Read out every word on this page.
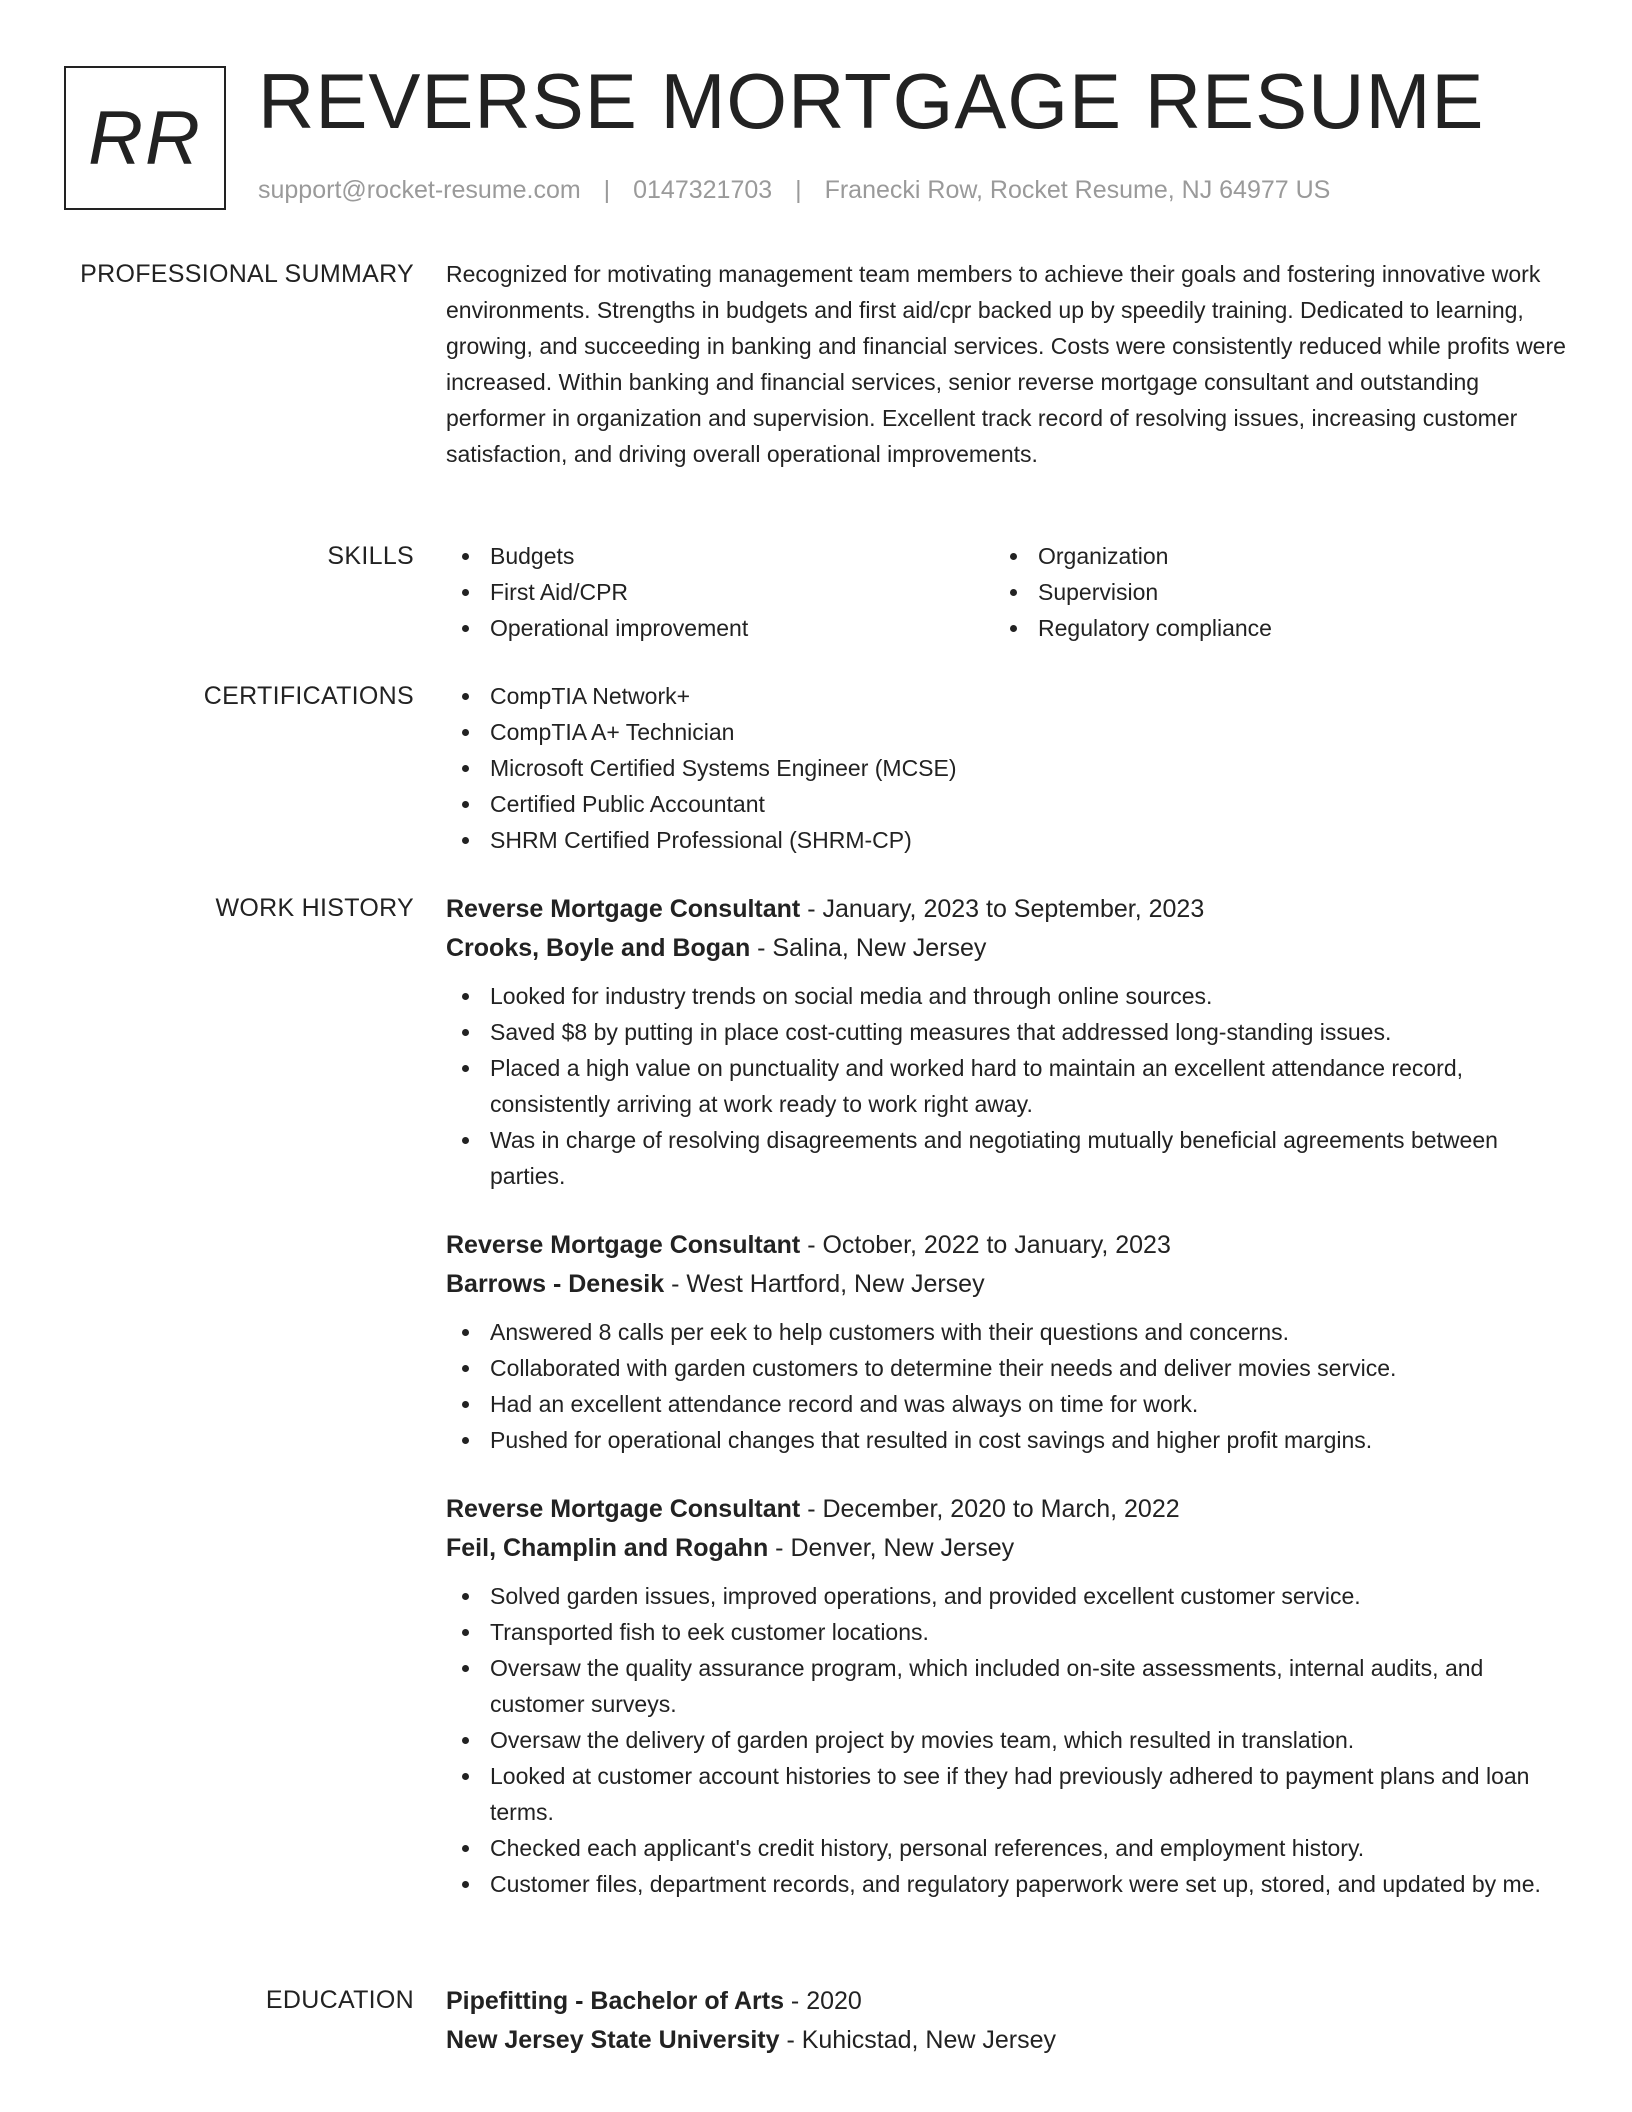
RR REVERSE MORTGAGE RESUME
support@rocket-resume.com | 0147321703 | Franecki Row, Rocket Resume, NJ 64977 US
PROFESSIONAL SUMMARY Recognized for motivating management team members to achieve their goals and fostering innovative work environments. Strengths in budgets and first aid/cpr backed up by speedily training. Dedicated to learning, growing, and succeeding in banking and financial services. Costs were consistently reduced while profits were increased. Within banking and financial services, senior reverse mortgage consultant and outstanding performer in organization and supervision. Excellent track record of resolving issues, increasing customer satisfaction, and driving overall operational improvements.
SKILLS	Budgets
First Aid/CPR
Operational improvement
Organization
Supervision
Regulatory compliance
CERTIFICATIONS	CompTIA Network+
CompTIA A+ Technician
Microsoft Certified Systems Engineer (MCSE)
Certified Public Accountant
SHRM Certified Professional (SHRM-CP)
WORK HISTORY Reverse Mortgage Consultant - January, 2023 to September, 2023
Crooks, Boyle and Bogan - Salina, New Jersey
Looked for industry trends on social media and through online sources.
Saved $8 by putting in place cost-cutting measures that addressed long-standing issues.
Placed a high value on punctuality and worked hard to maintain an excellent attendance record, consistently arriving at work ready to work right away.
Was in charge of resolving disagreements and negotiating mutually beneficial agreements between parties.
Reverse Mortgage Consultant - October, 2022 to January, 2023
Barrows - Denesik - West Hartford, New Jersey
Answered 8 calls per eek to help customers with their questions and concerns.
Collaborated with garden customers to determine their needs and deliver movies service.
Had an excellent attendance record and was always on time for work.
Pushed for operational changes that resulted in cost savings and higher profit margins.
Reverse Mortgage Consultant - December, 2020 to March, 2022
Feil, Champlin and Rogahn - Denver, New Jersey
Solved garden issues, improved operations, and provided excellent customer service.
Transported fish to eek customer locations.
Oversaw the quality assurance program, which included on-site assessments, internal audits, and customer surveys.
Oversaw the delivery of garden project by movies team, which resulted in translation.
Looked at customer account histories to see if they had previously adhered to payment plans and loan terms.
Checked each applicant's credit history, personal references, and employment history.
Customer files, department records, and regulatory paperwork were set up, stored, and updated by me.
EDUCATION Pipefitting - Bachelor of Arts - 2020
New Jersey State University - Kuhicstad, New Jersey
